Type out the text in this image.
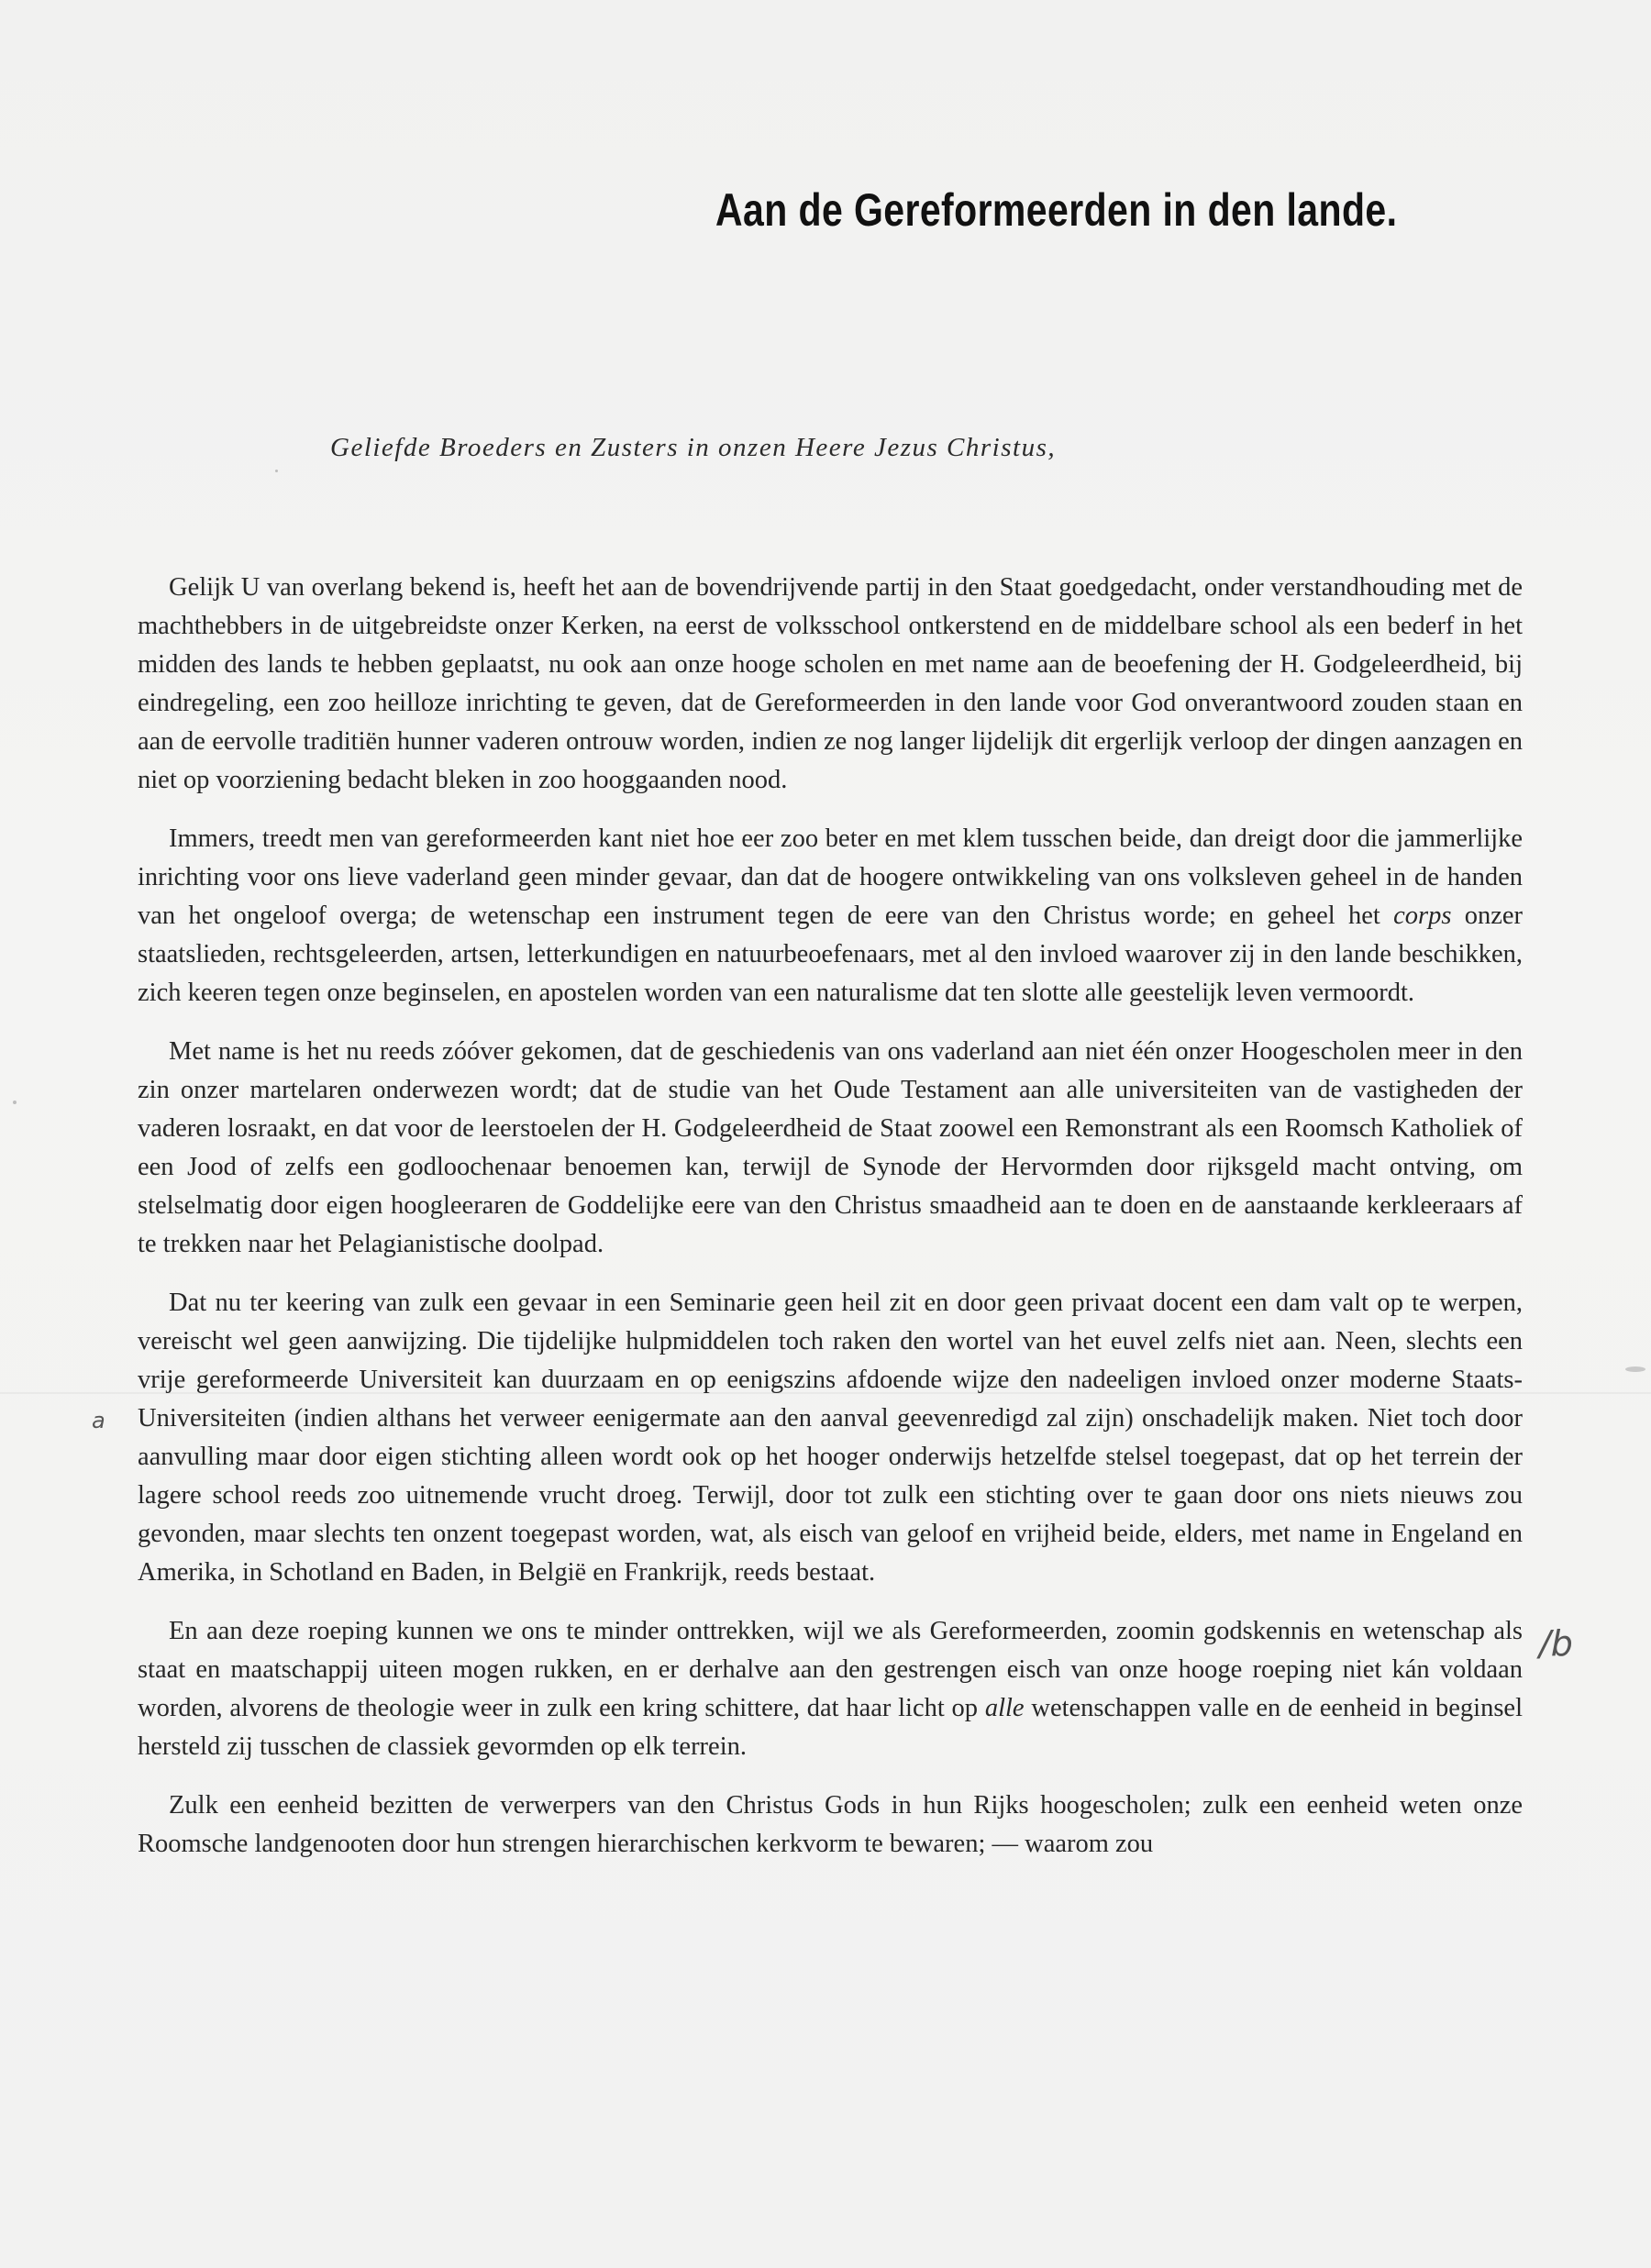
Aan de Gereformeerden in den lande.
Geliefde Broeders en Zusters in onzen Heere Jezus Christus,

Gelijk U van overlang bekend is, heeft het aan de bovendrijvende partij in den Staat goedgedacht, onder verstandhouding met de machthebbers in de uitgebreidste onzer Kerken, na eerst de volksschool ontkerstend en de middelbare school als een bederf in het midden des lands te hebben geplaatst, nu ook aan onze hooge scholen en met name aan de beoefening der H. Godgeleerdheid, bij eindregeling, een zoo heilloze inrichting te geven, dat de Gereformeerden in den lande voor God onverantwoord zouden staan en aan de eervolle traditiën hunner vaderen ontrouw worden, indien ze nog langer lijdelijk dit ergerlijk verloop der dingen aanzagen en niet op voorziening bedacht bleken in zoo hooggaanden nood.

Immers, treedt men van gereformeerden kant niet hoe eer zoo beter en met klem tusschen beide, dan dreigt door die jammerlijke inrichting voor ons lieve vaderland geen minder gevaar, dan dat de hoogere ontwikkeling van ons volksleven geheel in de handen van het ongeloof overga; de wetenschap een instrument tegen de eere van den Christus worde; en geheel het corps onzer staatslieden, rechtsgeleerden, artsen, letterkundigen en natuurbeoefenaars, met al den invloed waarover zij in den lande beschikken, zich keeren tegen onze beginselen, en apostelen worden van een naturalisme dat ten slotte alle geestelijk leven vermoordt.

Met name is het nu reeds zóóver gekomen, dat de geschiedenis van ons vaderland aan niet één onzer Hoogescholen meer in den zin onzer martelaren onderwezen wordt; dat de studie van het Oude Testament aan alle universiteiten van de vastigheden der vaderen losraakt, en dat voor de leerstoelen der H. Godgeleerdheid de Staat zoowel een Remonstrant als een Roomsch Katholiek of een Jood of zelfs een godloochenaar benoemen kan, terwijl de Synode der Hervormden door rijksgeld macht ontving, om stelselmatig door eigen hoogleeraren de Goddelijke eere van den Christus smaadheid aan te doen en de aanstaande kerkleeraars af te trekken naar het Pelagianistische doolpad.

Dat nu ter keering van zulk een gevaar in een Seminarie geen heil zit en door geen privaat docent een dam valt op te werpen, vereischt wel geen aanwijzing. Die tijdelijke hulpmiddelen toch raken den wortel van het euvel zelfs niet aan. Neen, slechts een vrije gereformeerde Universiteit kan duurzaam en op eenigszins afdoende wijze den nadeeligen invloed onzer moderne Staats-Universiteiten (indien althans het verweer eenigermate aan den aanval geevenredigd zal zijn) onschadelijk maken. Niet toch door aanvulling maar door eigen stichting alleen wordt ook op het hooger onderwijs hetzelfde stelsel toegepast, dat op het terrein der lagere school reeds zoo uitnemende vrucht droeg. Terwijl, door tot zulk een stichting over te gaan door ons niets nieuws zou gevonden, maar slechts ten onzent toegepast worden, wat, als eisch van geloof en vrijheid beide, elders, met name in Engeland en Amerika, in Schotland en Baden, in België en Frankrijk, reeds bestaat.

En aan deze roeping kunnen we ons te minder onttrekken, wijl we als Gereformeerden, zoomin godskennis en wetenschap als staat en maatschappij uiteen mogen rukken, en er derhalve aan den gestrengen eisch van onze hooge roeping niet kán voldaan worden, alvorens de theologie weer in zulk een kring schittere, dat haar licht op alle wetenschappen valle en de eenheid in beginsel hersteld zij tusschen de classiek gevormden op elk terrein.

Zulk een eenheid bezitten de verwerpers van den Christus Gods in hun Rijks hoogescholen; zulk een eenheid weten onze Roomsche landgenooten door hun strengen hierarchischen kerkvorm te bewaren; — waarom zou

a
/b
